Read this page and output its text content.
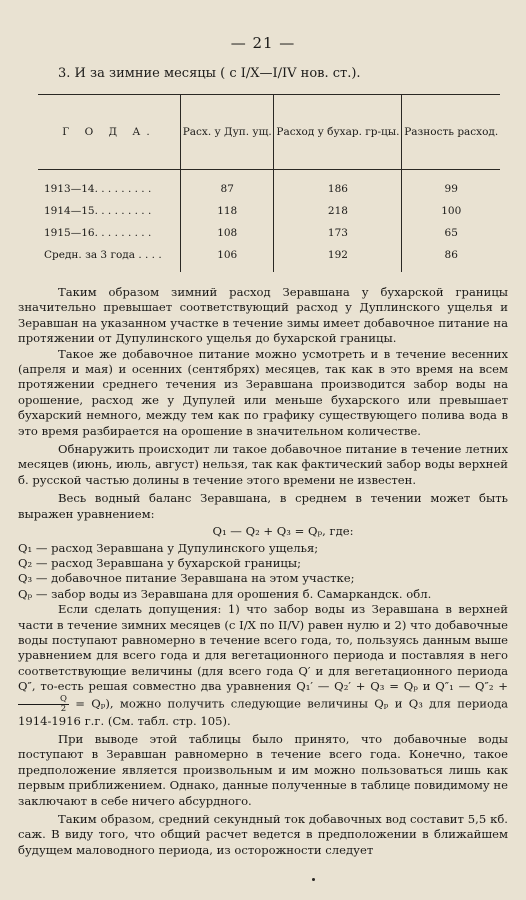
— 21 —
3. И за зимние месяцы ( с I/X—I/IV нов. ст.).
Г О Д А.	Расх. у Дуп. ущ.	Расход у бухар. гр-цы.	Разность расход.
1913—14. . . . . . . . .	87	186	99
1914—15. . . . . . . . .	118	218	100
1915—16. . . . . . . . .	108	173	65
Средн. за 3 года . . . .	106	192	86

Таким образом зимний расход Зеравшана у бухарской границы значительно превышает соответствующий расход у Дуплинского ущелья и Зеравшан на указанном участке в течение зимы имеет добавочное питание на протяжении от Дупулинского ущелья до бухарской границы.

Такое же добавочное питание можно усмотреть и в течение весенних (апреля и мая) и осенних (сентябрях) месяцев, так как в это время на всем протяжении среднего течения из Зеравшана производится забор воды на орошение, расход же у Дупулей или меньше бухарского или превышает бухарский немного, между тем как по графику существующего полива вода в это время разбирается на орошение в значительном количестве.

Обнаружить происходит ли такое добавочное питание в течение летних месяцев (июнь, июль, август) нельзя, так как фактический забор воды верхней б. русской частью долины в течение этого времени не известен.

Весь водный баланс Зеравшана, в среднем в течении может быть выражен уравнением:

Q₁ — Q₂ + Q₃ = Qₚ, где:

Q₁ — расход Зеравшана у Дупулинского ущелья;

Q₂ — расход Зеравшана у бухарской границы;

Q₃ — добавочное питание Зеравшана на этом участке;

Qₚ — забор воды из Зеравшана для орошения б. Самаркандск. обл.

Если сделать допущения: 1) что забор воды из Зеравшана в верхней части в течение зимних месяцев (с I/X по II/V) равен нулю и 2) что добавочные воды поступают равномерно в течение всего года, то, пользуясь данным выше уравнением для всего года и для вегетационного периода и поставляя в него соответствующие величины (для всего года Q′ и для вегетационного периода Q″, то-есть решая совместно два уравнения Q₁′ — Q₂′ + Q₃ = Qₚ и Q″₁ — Q″₂ +
$\frac{Q}{2} = Q_p$), можно получить следующие величины Qₚ и Q₃ для периода 1914-1916 г.г. (См. табл. стр. 105).

При выводе этой таблицы было принято, что добавочные воды поступают в Зеравшан равномерно в течение всего года. Конечно, такое предположение является произвольным и им можно пользоваться лишь как первым приближением. Однако, данные полученные в таблице повидимому не заключают в себе ничего абсурдного.

Таким образом, средний секундный ток добавочных вод составит 5,5 кб. саж. В виду того, что общий расчет ведется в предположении в ближайшем будущем маловодного периода, из осторожности следует
